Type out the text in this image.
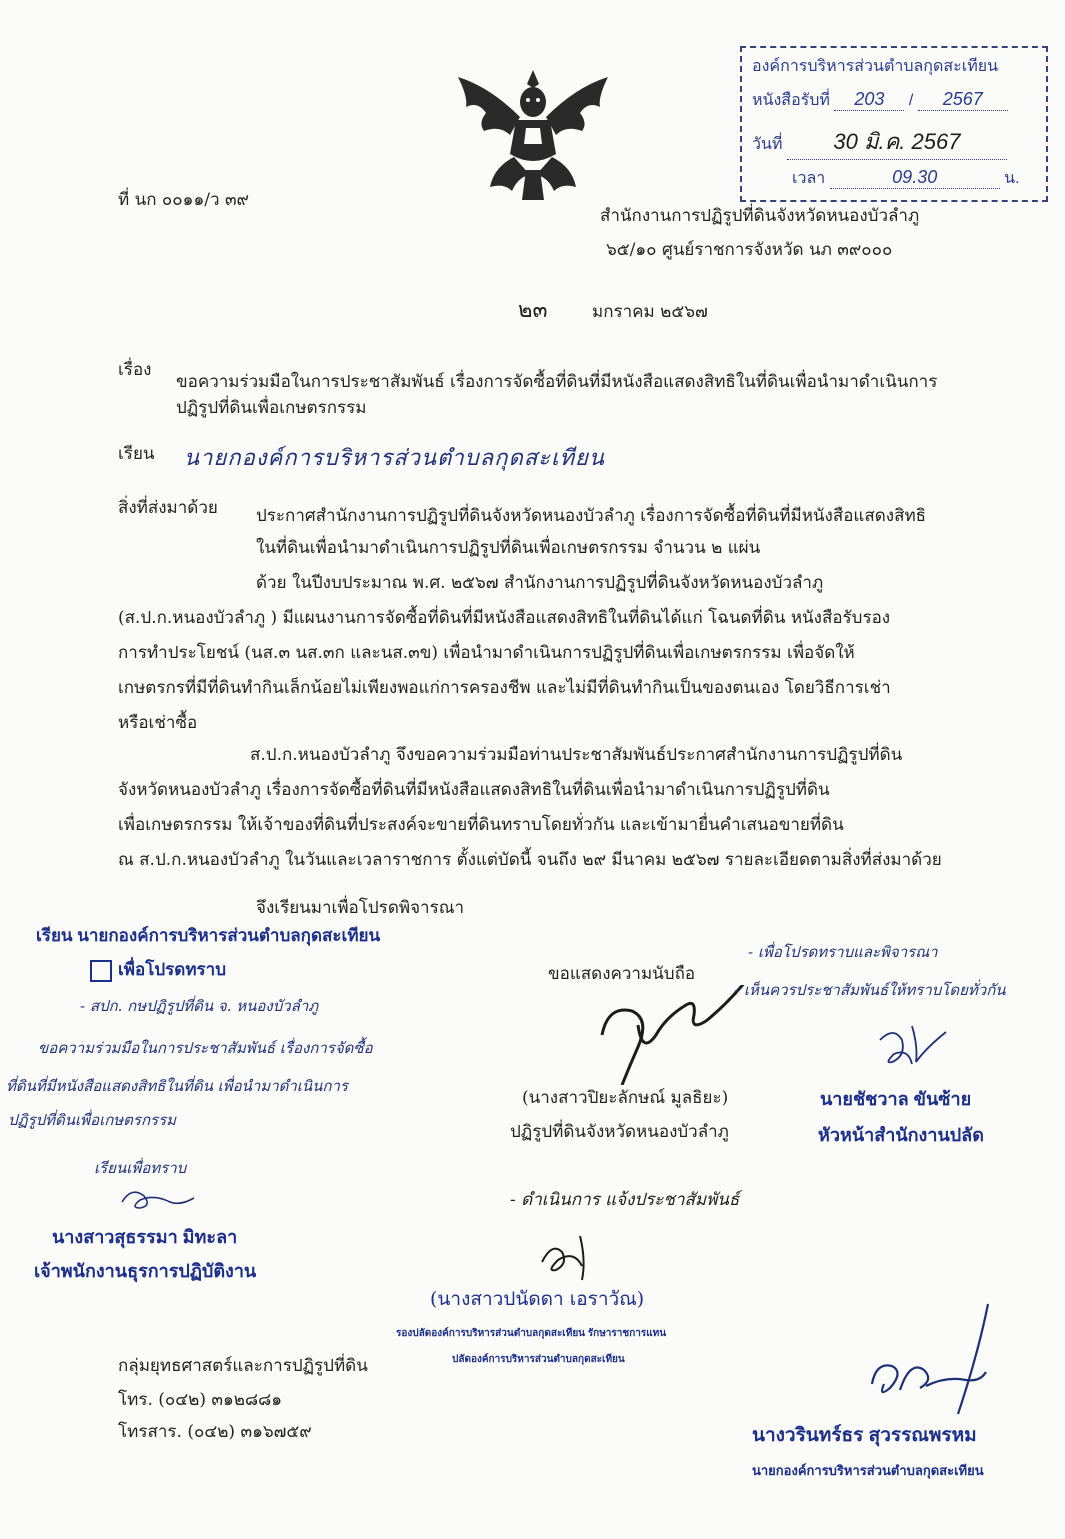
องค์การบริหารส่วนตำบลกุดสะเทียน
หนังสือรับที่ 203 / 2567
วันที่ 30 มิ.ค. 2567
เวลา	09.30	น.
ที่ นก ๐๐๑๑/ว ๓๙
สำนักงานการปฏิรูปที่ดินจังหวัดหนองบัวลำภู
๖๕/๑๐ ศูนย์ราชการจังหวัด นภ ๓๙๐๐๐
๒๓	มกราคม ๒๕๖๗
เรื่อง
ขอความร่วมมือในการประชาสัมพันธ์ เรื่องการจัดซื้อที่ดินที่มีหนังสือแสดงสิทธิในที่ดินเพื่อนำมาดำเนินการ
ปฏิรูปที่ดินเพื่อเกษตรกรรม
เรียน นายกองค์การบริหารส่วนตำบลกุดสะเทียน
สิ่งที่ส่งมาด้วย ประกาศสำนักงานการปฏิรูปที่ดินจังหวัดหนองบัวลำภู เรื่องการจัดซื้อที่ดินที่มีหนังสือแสดงสิทธิ
ในที่ดินเพื่อนำมาดำเนินการปฏิรูปที่ดินเพื่อเกษตรกรรม จำนวน ๒ แผ่น
ด้วย ในปีงบประมาณ พ.ศ. ๒๕๖๗ สำนักงานการปฏิรูปที่ดินจังหวัดหนองบัวลำภู
(ส.ป.ก.หนองบัวลำภู ) มีแผนงานการจัดซื้อที่ดินที่มีหนังสือแสดงสิทธิในที่ดินได้แก่ โฉนดที่ดิน หนังสือรับรอง
การทำประโยชน์ (นส.๓ นส.๓ก และนส.๓ข) เพื่อนำมาดำเนินการปฏิรูปที่ดินเพื่อเกษตรกรรม เพื่อจัดให้
เกษตรกรที่มีที่ดินทำกินเล็กน้อยไม่เพียงพอแก่การครองชีพ และไม่มีที่ดินทำกินเป็นของตนเอง โดยวิธีการเช่า
หรือเช่าซื้อ
ส.ป.ก.หนองบัวลำภู จึงขอความร่วมมือท่านประชาสัมพันธ์ประกาศสำนักงานการปฏิรูปที่ดิน
จังหวัดหนองบัวลำภู เรื่องการจัดซื้อที่ดินที่มีหนังสือแสดงสิทธิในที่ดินเพื่อนำมาดำเนินการปฏิรูปที่ดิน
เพื่อเกษตรกรรม ให้เจ้าของที่ดินที่ประสงค์จะขายที่ดินทราบโดยทั่วกัน และเข้ามายื่นคำเสนอขายที่ดิน
ณ ส.ป.ก.หนองบัวลำภู ในวันและเวลาราชการ ตั้งแต่บัดนี้ จนถึง ๒๙ มีนาคม ๒๕๖๗ รายละเอียดตามสิ่งที่ส่งมาด้วย
จึงเรียนมาเพื่อโปรดพิจารณา
เรียน นายกองค์การบริหารส่วนตำบลกุดสะเทียน
เพื่อโปรดทราบ
- สปก. กษปฏิรูปที่ดิน จ. หนองบัวลำภู
ขอความร่วมมือในการประชาสัมพันธ์ เรื่องการจัดซื้อ
ที่ดินที่มีหนังสือแสดงสิทธิในที่ดิน เพื่อนำมาดำเนินการ
ปฏิรูปที่ดินเพื่อเกษตรกรรม
เรียนเพื่อทราบ
นางสาวสุธรรมา มิทะลา
เจ้าพนักงานธุรการปฏิบัติงาน
ขอแสดงความนับถือ
(นางสาวปิยะลักษณ์ มูลธิยะ)
ปฏิรูปที่ดินจังหวัดหนองบัวลำภู
- เพื่อโปรดทราบและพิจารณา
- เห็นควรประชาสัมพันธ์ให้ทราบโดยทั่วกัน
นายชัชวาล ขันซ้าย
หัวหน้าสำนักงานปลัด
- ดำเนินการ แจ้งประชาสัมพันธ์
(นางสาวปนัดดา เอราวัณ)
รองปลัดองค์การบริหารส่วนตำบลกุดสะเทียน รักษาราชการแทน
ปลัดองค์การบริหารส่วนตำบลกุดสะเทียน
นางวรินทร์ธร สุวรรณพรหม
นายกองค์การบริหารส่วนตำบลกุดสะเทียน
กลุ่มยุทธศาสตร์และการปฏิรูปที่ดิน
โทร. (๐๔๒) ๓๑๒๘๘๑
โทรสาร. (๐๔๒) ๓๑๖๗๕๙
